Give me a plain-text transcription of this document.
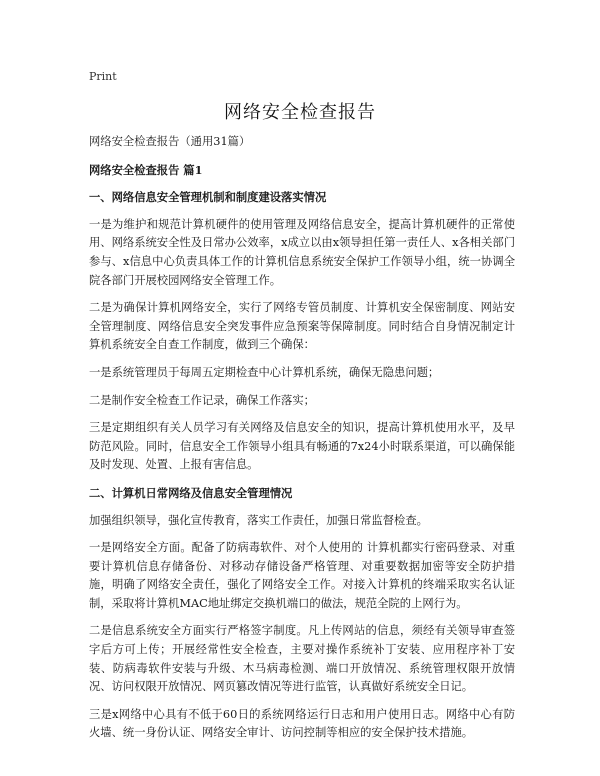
Print
网络安全检查报告

网络安全检查报告（通用31篇）

网络安全检查报告 篇1

一、网络信息安全管理机制和制度建设落实情况

一是为维护和规范计算机硬件的使用管理及网络信息安全，提高计算机硬件的正常使用、网络系统安全性及日常办公效率，x成立以由x领导担任第一责任人、x各相关部门参与、x信息中心负责具体工作的计算机信息系统安全保护工作领导小组，统一协调全院各部门开展校园网络安全管理工作。

二是为确保计算机网络安全，实行了网络专管员制度、计算机安全保密制度、网站安全管理制度、网络信息安全突发事件应急预案等保障制度。同时结合自身情况制定计算机系统安全自查工作制度，做到三个确保：

一是系统管理员于每周五定期检查中心计算机系统，确保无隐患问题；

二是制作安全检查工作记录，确保工作落实；

三是定期组织有关人员学习有关网络及信息安全的知识，提高计算机使用水平，及早防范风险。同时，信息安全工作领导小组具有畅通的7x24小时联系渠道，可以确保能及时发现、处置、上报有害信息。

二、计算机日常网络及信息安全管理情况

加强组织领导，强化宣传教育，落实工作责任，加强日常监督检查。

一是网络安全方面。配备了防病毒软件、对个人使用的 计算机都实行密码登录、对重要计算机信息存储备份、对移动存储设备严格管理、对重要数据加密等安全防护措施，明确了网络安全责任，强化了网络安全工作。对接入计算机的终端采取实名认证制，采取将计算机MAC地址绑定交换机端口的做法，规范全院的上网行为。

二是信息系统安全方面实行严格签字制度。凡上传网站的信息，须经有关领导审查签字后方可上传；开展经常性安全检查，主要对操作系统补丁安装、应用程序补丁安装、防病毒软件安装与升级、木马病毒检测、端口开放情况、系统管理权限开放情况、访问权限开放情况、网页篡改情况等进行监管，认真做好系统安全日记。

三是x网络中心具有不低于60日的系统网络运行日志和用户使用日志。网络中心有防火墙、统一身份认证、网络安全审计、访问控制等相应的安全保护技术措施。
